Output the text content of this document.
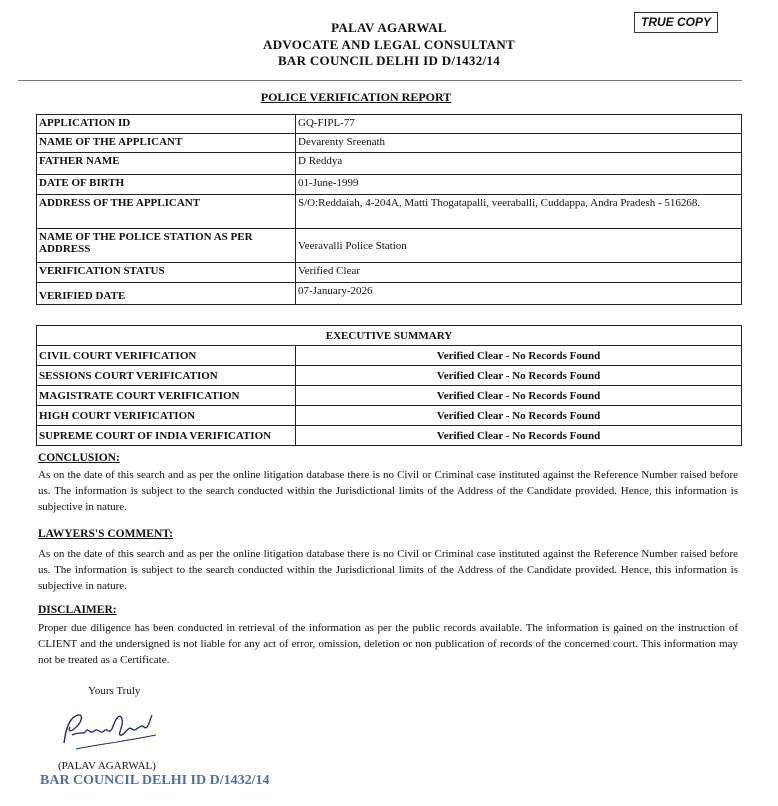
PALAV AGARWAL
ADVOCATE AND LEGAL CONSULTANT
BAR COUNCIL DELHI ID D/1432/14
TRUE COPY
POLICE VERIFICATION REPORT
APPLICATION ID	GQ-FIPL-77
NAME OF THE APPLICANT	Devarenty Sreenath
FATHER NAME	D Reddya
DATE OF BIRTH	01-June-1999
ADDRESS OF THE APPLICANT	S/O:Reddaiah, 4-204A, Matti Thogatapalli, veeraballi, Cuddappa, Andra Pradesh - 516268.
NAME OF THE POLICE STATION AS PER ADDRESS	Veeravalli Police Station
VERIFICATION STATUS	Verified Clear
VERIFIED DATE	07-January-2026
EXECUTIVE SUMMARY	
CIVIL COURT VERIFICATION	Verified Clear - No Records Found
SESSIONS COURT VERIFICATION	Verified Clear - No Records Found
MAGISTRATE COURT VERIFICATION	Verified Clear - No Records Found
HIGH COURT VERIFICATION	Verified Clear - No Records Found
SUPREME COURT OF INDIA VERIFICATION	Verified Clear - No Records Found
CONCLUSION:
As on the date of this search and as per the online litigation database there is no Civil or Criminal case instituted against the Reference Number raised before us. The information is subject to the search conducted within the Jurisdictional limits of the Address of the Candidate provided. Hence, this information is subjective in nature.
LAWYERS'S COMMENT:
As on the date of this search and as per the online litigation database there is no Civil or Criminal case instituted against the Reference Number raised before us. The information is subject to the search conducted within the Jurisdictional limits of the Address of the Candidate provided. Hence, this information is subjective in nature.
DISCLAIMER:
Proper due diligence has been conducted in retrieval of the information as per the public records available. The information is gained on the instruction of CLIENT and the undersigned is not liable for any act of error, omission, deletion or non publication of records of the concerned court. This information may not be treated as a Certificate.
Yours Truly
(PALAV AGARWAL)
BAR COUNCIL DELHI ID D/1432/14
